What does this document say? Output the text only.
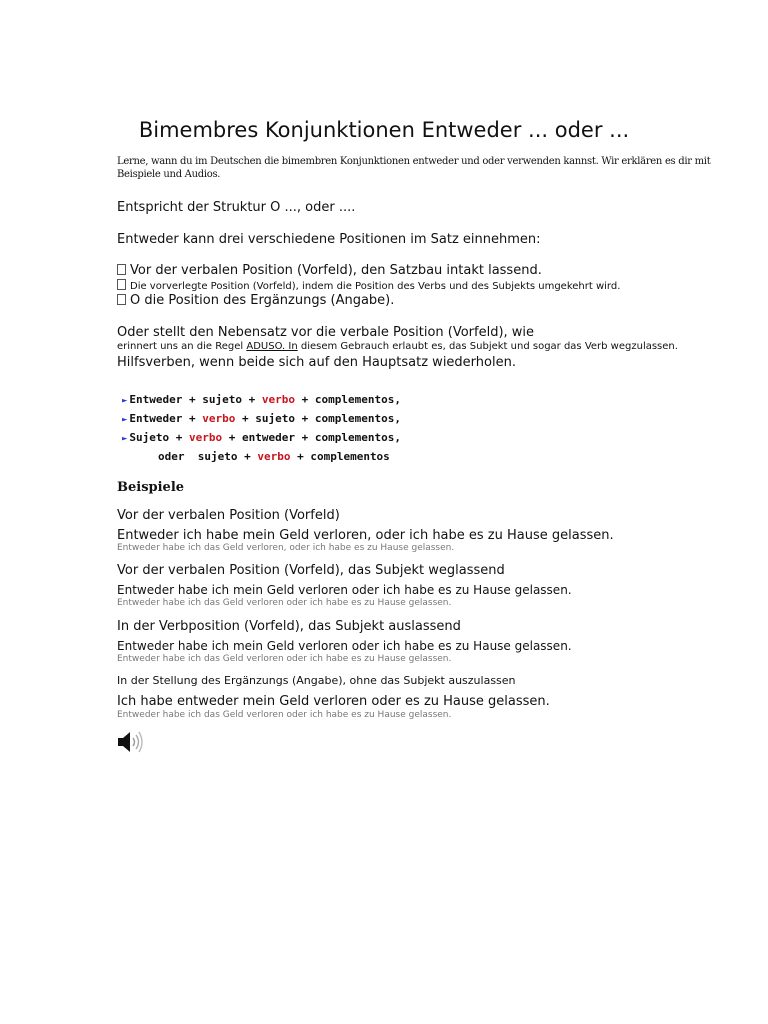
Bimembres Konjunktionen Entweder ... oder ...
Lerne, wann du im Deutschen die bimembren Konjunktionen entweder und oder verwenden kannst. Wir erklären es dir mit
Beispiele und Audios.
Entspricht der Struktur O ..., oder ....
Entweder kann drei verschiedene Positionen im Satz einnehmen:
Vor der verbalen Position (Vorfeld), den Satzbau intakt lassend.
Die vorverlegte Position (Vorfeld), indem die Position des Verbs und des Subjekts umgekehrt wird.
O die Position des Ergänzungs (Angabe).
Oder stellt den Nebensatz vor die verbale Position (Vorfeld), wie
erinnert uns an die Regel ADUSO. In diesem Gebrauch erlaubt es, das Subjekt und sogar das Verb wegzulassen.
Hilfsverben, wenn beide sich auf den Hauptsatz wiederholen.
► Entweder + sujeto + verbo + complementos,
► Entweder + verbo + sujeto + complementos,
► Sujeto + verbo + entweder + complementos,
oder  sujeto + verbo + complementos
Beispiele
Vor der verbalen Position (Vorfeld)
Entweder ich habe mein Geld verloren, oder ich habe es zu Hause gelassen.
Entweder habe ich das Geld verloren, oder ich habe es zu Hause gelassen.
Vor der verbalen Position (Vorfeld), das Subjekt weglassend
Entweder habe ich mein Geld verloren oder ich habe es zu Hause gelassen.
Entweder habe ich das Geld verloren oder ich habe es zu Hause gelassen.
In der Verbposition (Vorfeld), das Subjekt auslassend
Entweder habe ich mein Geld verloren oder ich habe es zu Hause gelassen.
Entweder habe ich das Geld verloren oder ich habe es zu Hause gelassen.
In der Stellung des Ergänzungs (Angabe), ohne das Subjekt auszulassen
Ich habe entweder mein Geld verloren oder es zu Hause gelassen.
Entweder habe ich das Geld verloren oder ich habe es zu Hause gelassen.
